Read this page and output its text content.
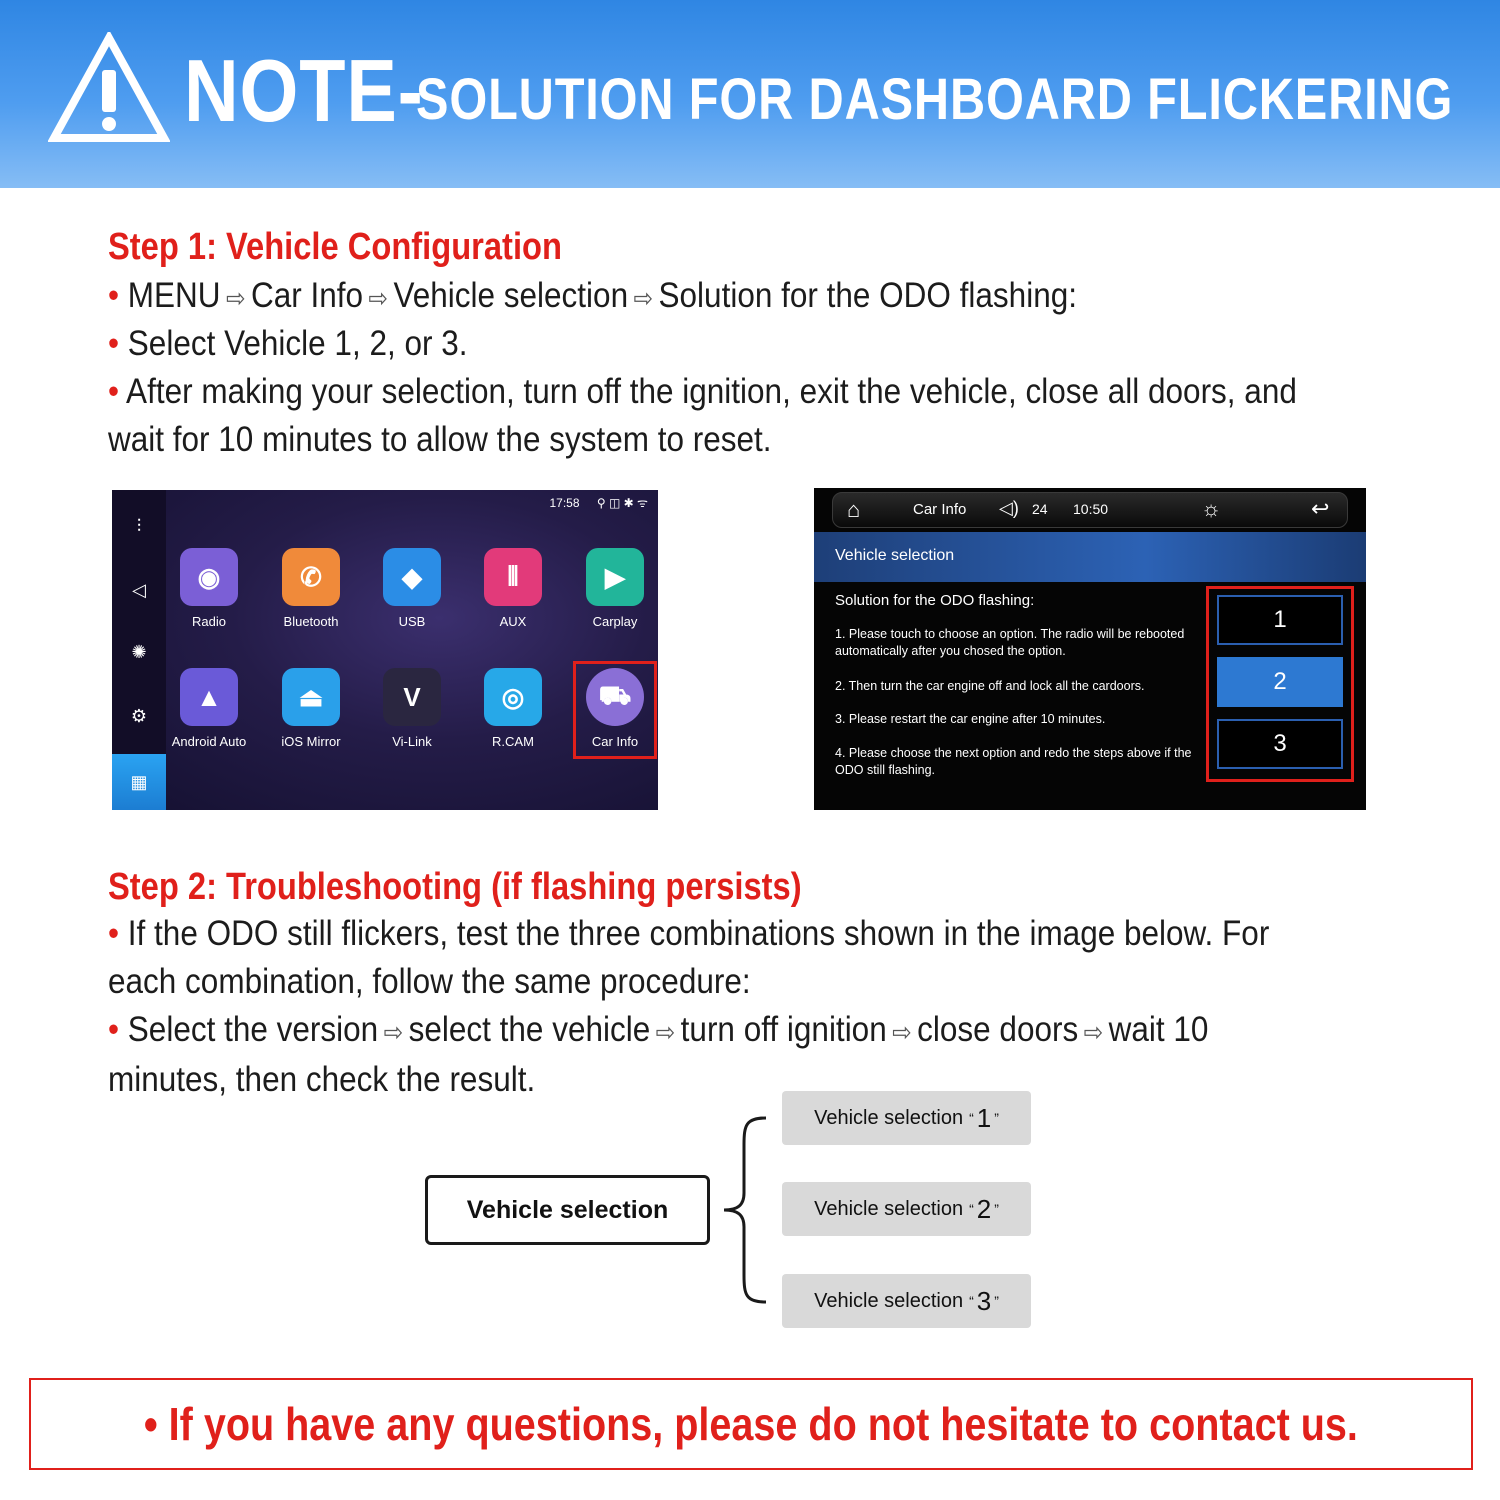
NOTE-
SOLUTION FOR DASHBOARD FLICKERING
Step 1: Vehicle Configuration
• MENU ⇨ Car Info ⇨ Vehicle selection ⇨ Solution for the ODO flashing:
• Select Vehicle 1, 2, or 3.
• After making your selection, turn off the ignition, exit the vehicle, close all doors, and wait for 10 minutes to allow the system to reset.
⫶
◁
✺
⚙
▦
17:58 ⚲ ◫ ✱ ᯤ
◉
Radio
✆
Bluetooth
◆
USB
⦀
AUX
▶
Carplay
▲
Android Auto
⏏
iOS Mirror
V
Vi-Link
◎
R.CAM
⛟
Car Info
⌂	Car Info ◁) 24 10:50	☼	↩
Vehicle selection
Solution for the ODO flashing:
1. Please touch to choose an option. The radio will be rebooted automatically after you chosed the option.
2. Then turn the car engine off and lock all the cardoors.
3. Please restart the car engine after 10 minutes.
4. Please choose the next option and redo the steps above if the ODO still flashing.
1
2
3
Step 2: Troubleshooting (if flashing persists)
• If the ODO still flickers, test the three combinations shown in the image below. For each combination, follow the same procedure:
• Select the version ⇨ select the vehicle ⇨ turn off ignition ⇨ close doors ⇨ wait 10 minutes, then check the result.
Vehicle selection
Vehicle selection “ 1 ”
Vehicle selection “ 2 ”
Vehicle selection “ 3 ”
• If you have any questions, please do not hesitate to contact us.
